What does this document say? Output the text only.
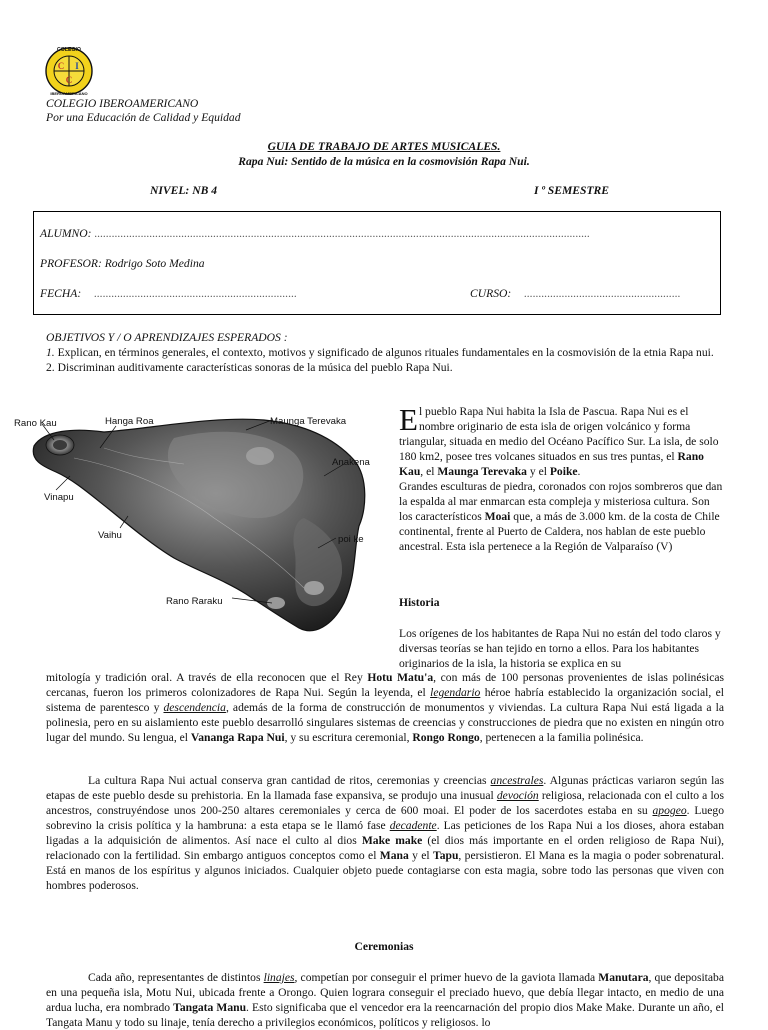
COLEGIO
C I
C
IBEROAMERICANO
COLEGIO IBEROAMERICANO
Por una Educación de Calidad y Equidad
GUIA DE TRABAJO DE ARTES MUSICALES.
Rapa Nui: Sentido de la música en la cosmovisión Rapa Nui.
NIVEL: NB 4	I º SEMESTRE
ALUMNO: ...........................................................................................................................................................................
PROFESOR: Rodrigo Soto Medina
FECHA: ......................................................................	CURSO: ......................................................
OBJETIVOS Y / O APRENDIZAJES ESPERADOS :
1. Explican, en términos generales, el contexto, motivos y significado de algunos rituales fundamentales en la cosmovisión de la etnia Rapa nui.
2. Discriminan auditivamente características sonoras de la música del pueblo Rapa Nui.
Rano Kau	Hanga Roa	Maunga Terevaka
Anakena
Vinapu
Vaihu	poi ke
Rano Raraku
El pueblo Rapa Nui habita la Isla de Pascua. Rapa Nui es el nombre originario de esta isla de origen volcánico y forma triangular, situada en medio del Océano Pacífico Sur. La isla, de solo 180 km2, posee tres volcanes situados en sus tres puntas, el Rano Kau, el Maunga Terevaka y el Poike.
Grandes esculturas de piedra, coronados con rojos sombreros que dan la espalda al mar enmarcan esta compleja y misteriosa cultura. Son los característicos Moai que, a más de 3.000 km. de la costa de Chile continental, frente al Puerto de Caldera, nos hablan de este pueblo ancestral. Esta isla pertenece a la Región de Valparaíso (V)
Historia
Los orígenes de los habitantes de Rapa Nui no están del todo claros y diversas teorías se han tejido en torno a ellos. Para los habitantes originarios de la isla, la historia se explica en su
mitología y tradición oral. A través de ella reconocen que el Rey Hotu Matu'a, con más de 100 personas provenientes de islas polinésicas cercanas, fueron los primeros colonizadores de Rapa Nui. Según la leyenda, el legendario héroe habría establecido la organización social, el sistema de parentesco y descendencia, además de la forma de construcción de monumentos y viviendas. La cultura Rapa Nui está ligada a la polinesia, pero en su aislamiento este pueblo desarrolló singulares sistemas de creencias y construcciones de piedra que no existen en ningún otro lugar del mundo. Su lengua, el Vananga Rapa Nui, y su escritura ceremonial, Rongo Rongo, pertenecen a la familia polinésica.
La cultura Rapa Nui actual conserva gran cantidad de ritos, ceremonias y creencias ancestrales. Algunas prácticas variaron según las etapas de este pueblo desde su prehistoria. En la llamada fase expansiva, se produjo una inusual devoción religiosa, relacionada con el culto a los ancestros, construyéndose unos 200-250 altares ceremoniales y cerca de 600 moai. El poder de los sacerdotes estaba en su apogeo. Luego sobrevino la crisis política y la hambruna: a esta etapa se le llamó fase decadente. Las peticiones de los Rapa Nui a los dioses, ahora estaban ligadas a la adquisición de alimentos. Así nace el culto al dios Make make (el dios más importante en el orden religioso de Rapa Nui), relacionado con la fertilidad. Sin embargo antiguos conceptos como el Mana y el Tapu, persistieron. El Mana es la magia o poder sobrenatural. Está en manos de los espíritus y algunos iniciados. Cualquier objeto puede contagiarse con esta magia, sobre todo las personas que viven con hombres poderosos.
Ceremonias
Cada año, representantes de distintos linajes, competían por conseguir el primer huevo de la gaviota llamada Manutara, que depositaba en una pequeña isla, Motu Nui, ubicada frente a Orongo. Quien lograra conseguir el preciado huevo, que debía llegar intacto, en medio de una ardua lucha, era nombrado Tangata Manu. Esto significaba que el vencedor era la reencarnación del propio dios Make Make. Durante un año, el Tangata Manu y todo su linaje, tenía derecho a privilegios económicos, políticos y religiosos. lo
